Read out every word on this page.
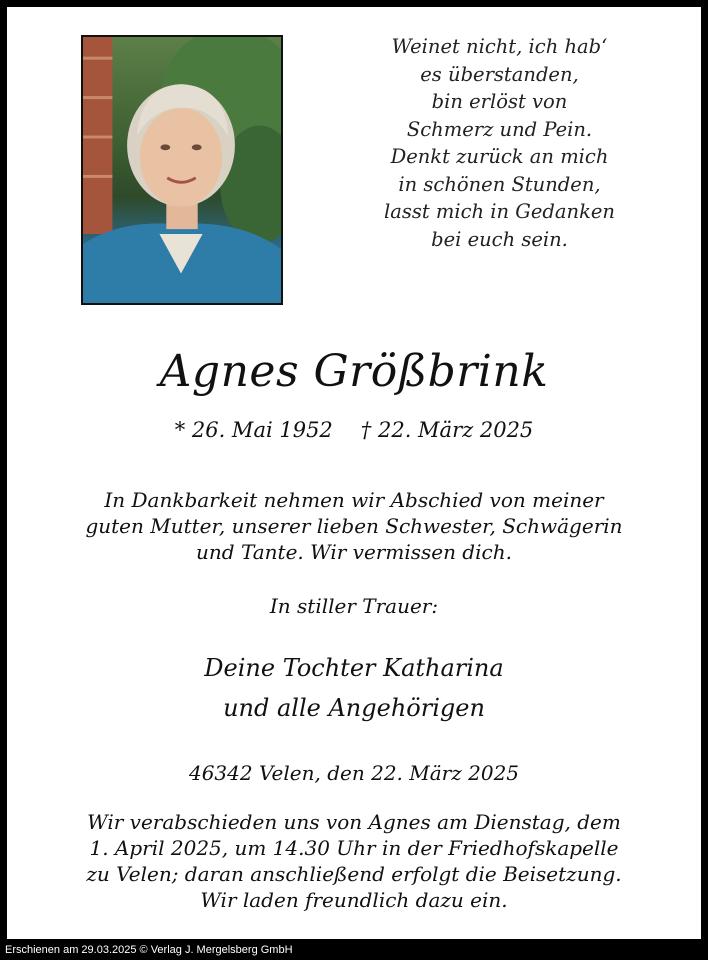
Weinet nicht, ich hab‘
es überstanden,
bin erlöst von
Schmerz und Pein.
Denkt zurück an mich
in schönen Stunden,
lasst mich in Gedanken
bei euch sein.
Agnes Größbrink
* 26. Mai 1952 † 22. März 2025
In Dankbarkeit nehmen wir Abschied von meiner
guten Mutter, unserer lieben Schwester, Schwägerin
und Tante. Wir vermissen dich.
In stiller Trauer:
Deine Tochter Katharina
und alle Angehörigen
46342 Velen, den 22. März 2025
Wir verabschieden uns von Agnes am Dienstag, dem
1. April 2025, um 14.30 Uhr in der Friedhofskapelle
zu Velen; daran anschließend erfolgt die Beisetzung.
Wir laden freundlich dazu ein.
Erschienen am 29.03.2025 © Verlag J. Mergelsberg GmbH
